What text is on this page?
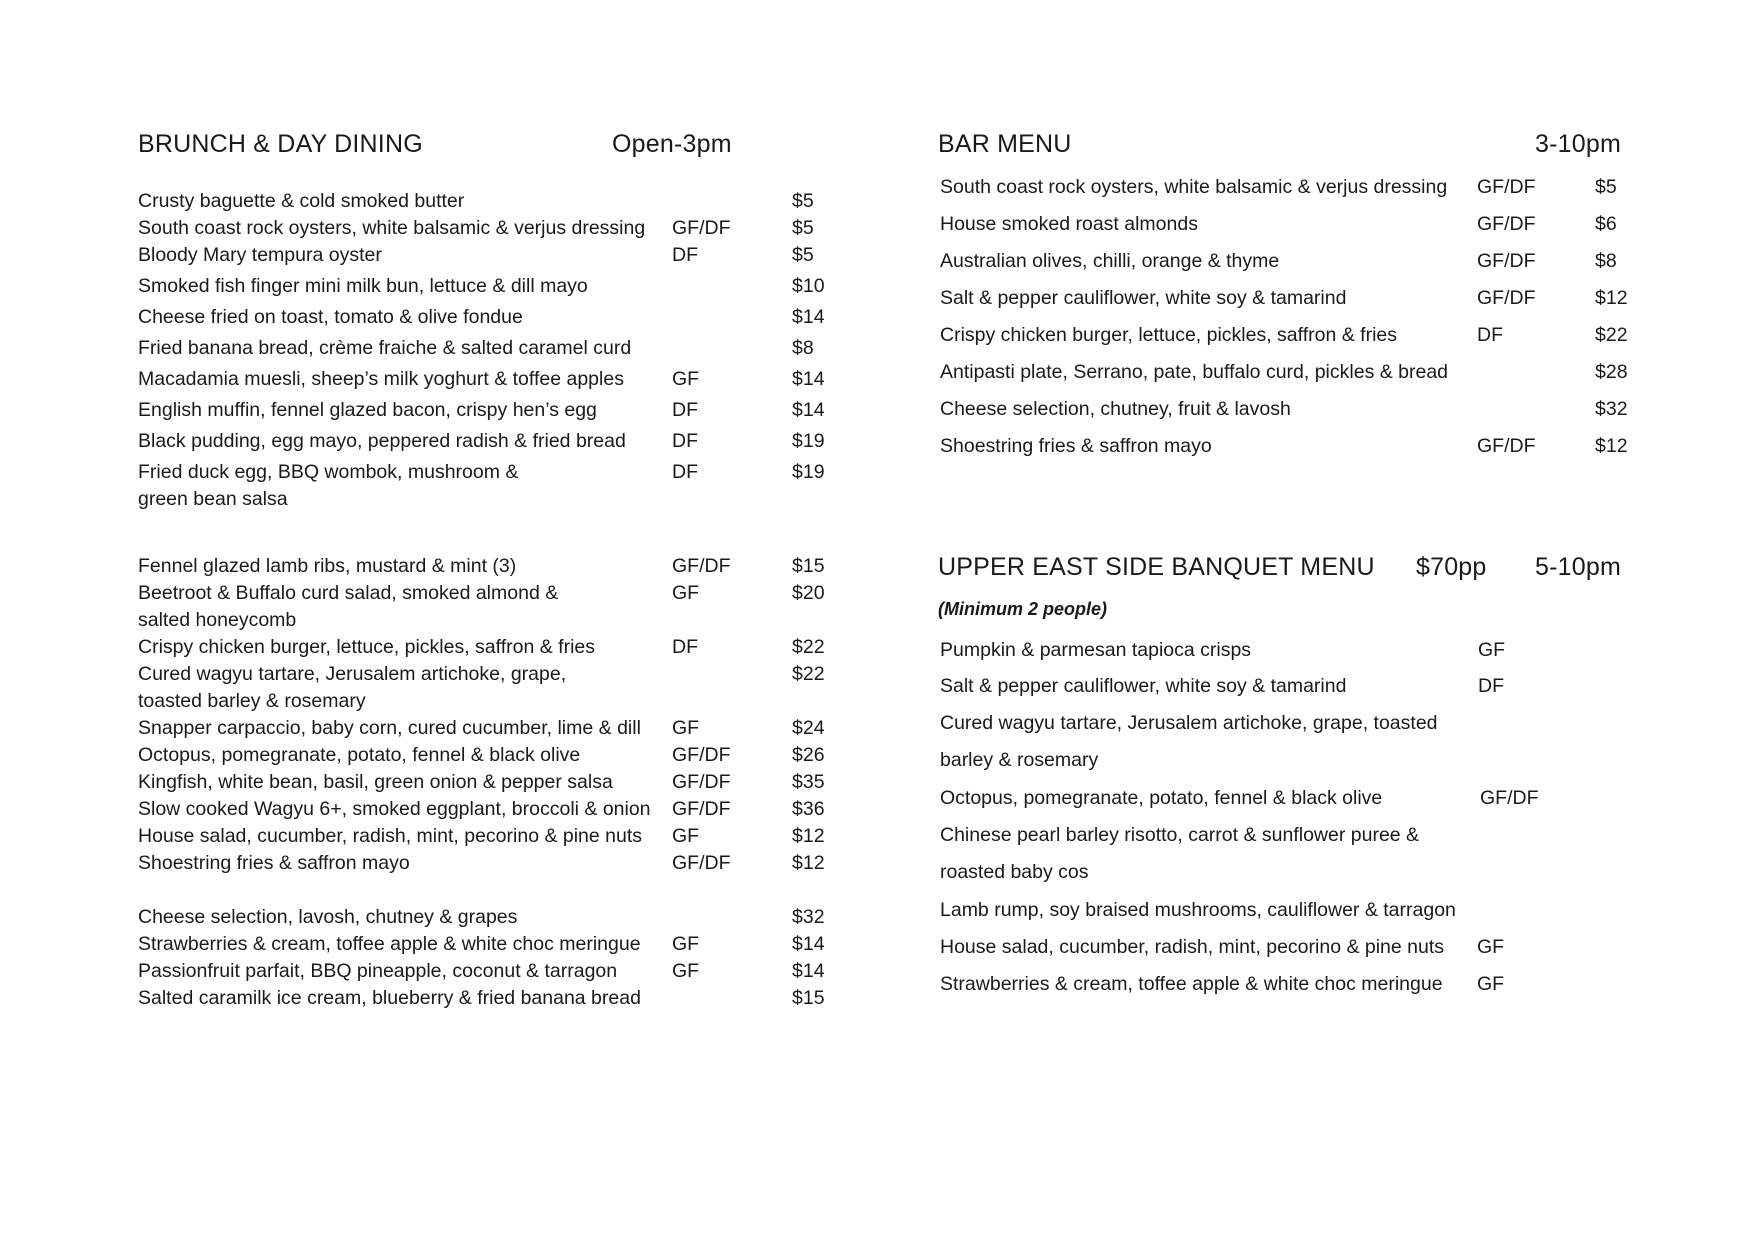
BRUNCH & DAY DINING	Open-3pm	BAR MENU	3-10pm
UPPER EAST SIDE BANQUET MENU $70pp 5-10pm
(Minimum 2 people)
Crusty baguette & cold smoked butter	$5
South coast rock oysters, white balsamic & verjus dressing GF/DF	$5
Bloody Mary tempura oyster	DF	$5
Smoked fish finger mini milk bun, lettuce & dill mayo	$10
Cheese fried on toast, tomato & olive fondue	$14
Fried banana bread, crème fraiche & salted caramel curd	$8
Macadamia muesli, sheep’s milk yoghurt & toffee apples GF	$14
English muffin, fennel glazed bacon, crispy hen’s egg	DF	$14
Black pudding, egg mayo, peppered radish & fried bread DF	$19
Fried duck egg, BBQ wombok, mushroom &
green bean salsa
DF	$19
Fennel glazed lamb ribs, mustard & mint (3)	GF/DF	$15
Beetroot & Buffalo curd salad, smoked almond &
salted honeycomb
GF	$20
Crispy chicken burger, lettuce, pickles, saffron & fries	DF	$22
Cured wagyu tartare, Jerusalem artichoke, grape,
toasted barley & rosemary
$22
Snapper carpaccio, baby corn, cured cucumber, lime & dill GF	$24
Octopus, pomegranate, potato, fennel & black olive	GF/DF	$26
Kingfish, white bean, basil, green onion & pepper salsa	GF/DF	$35
Slow cooked Wagyu 6+, smoked eggplant, broccoli & onion GF/DF	$36
House salad, cucumber, radish, mint, pecorino & pine nuts GF	$12
Shoestring fries & saffron mayo	GF/DF	$12
Cheese selection, lavosh, chutney & grapes	$32
Strawberries & cream, toffee apple & white choc meringue GF	$14
Passionfruit parfait, BBQ pineapple, coconut & tarragon	GF	$14
Salted caramilk ice cream, blueberry & fried banana bread	$15
South coast rock oysters, white balsamic & verjus dressing GF/DF	$5
House smoked roast almonds	GF/DF	$6
Australian olives, chilli, orange & thyme	GF/DF	$8
Salt & pepper cauliflower, white soy & tamarind	GF/DF	$12
Crispy chicken burger, lettuce, pickles, saffron & fries	DF	$22
Antipasti plate, Serrano, pate, buffalo curd, pickles & bread	$28
Cheese selection, chutney, fruit & lavosh	$32
Shoestring fries & saffron mayo	GF/DF	$12
Pumpkin & parmesan tapioca crisps	GF
Salt & pepper cauliflower, white soy & tamarind	DF
Cured wagyu tartare, Jerusalem artichoke, grape, toasted
barley & rosemary
Octopus, pomegranate, potato, fennel & black olive	GF/DF
Chinese pearl barley risotto, carrot & sunflower puree &
roasted baby cos
Lamb rump, soy braised mushrooms, cauliflower & tarragon
House salad, cucumber, radish, mint, pecorino & pine nuts GF
Strawberries & cream, toffee apple & white choc meringue GF
